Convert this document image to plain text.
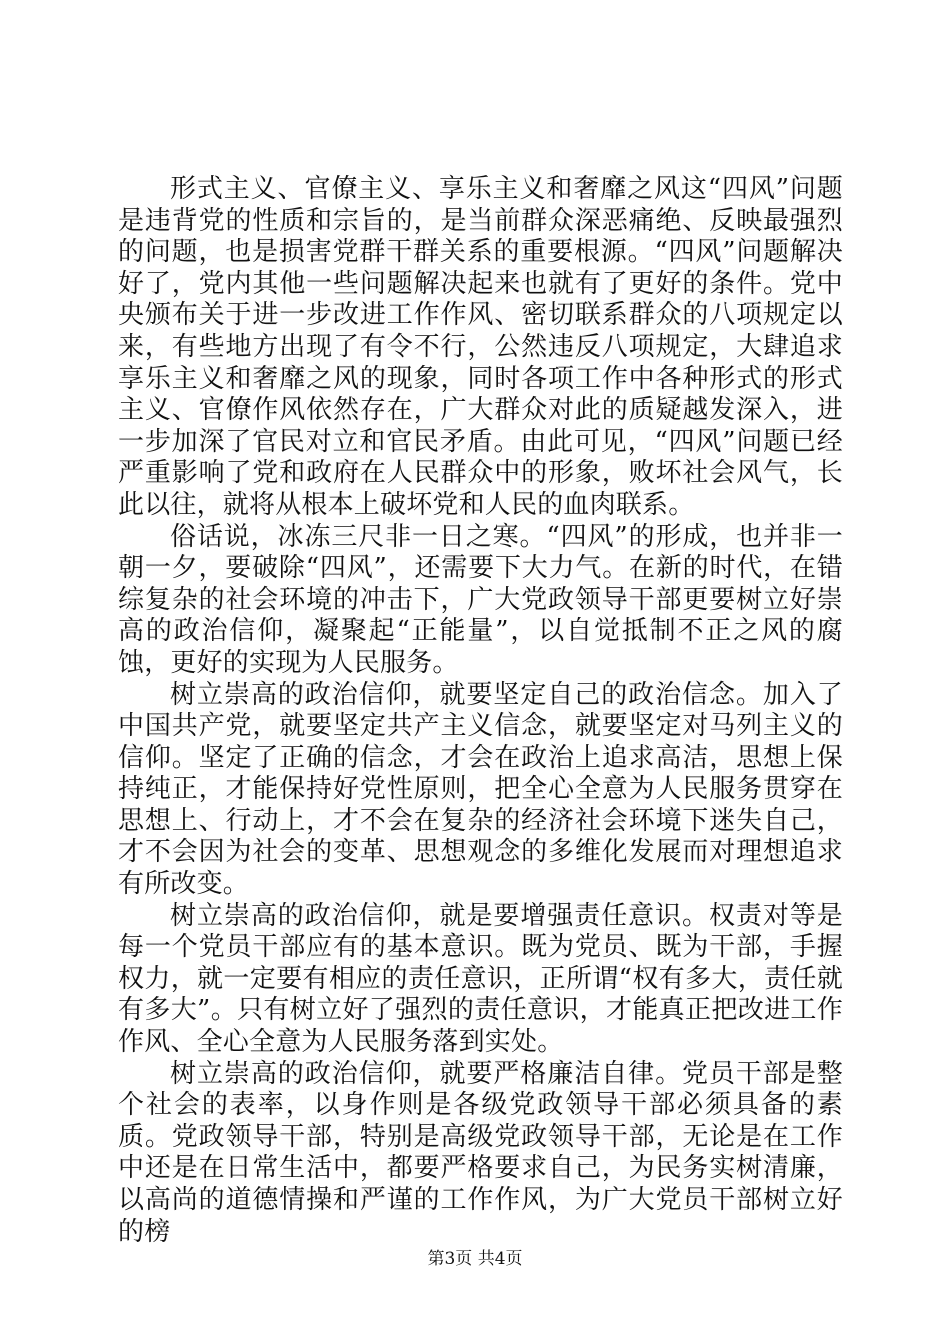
形式主义、官僚主义、享乐主义和奢靡之风这“四风”问题是违背党的性质和宗旨的，是当前群众深恶痛绝、反映最强烈的问题，也是损害党群干群关系的重要根源。“四风”问题解决好了，党内其他一些问题解决起来也就有了更好的条件。党中央颁布关于进一步改进工作作风、密切联系群众的八项规定以来，有些地方出现了有令不行，公然违反八项规定，大肆追求享乐主义和奢靡之风的现象，同时各项工作中各种形式的形式主义、官僚作风依然存在，广大群众对此的质疑越发深入，进一步加深了官民对立和官民矛盾。由此可见，“四风”问题已经严重影响了党和政府在人民群众中的形象，败坏社会风气，长此以往，就将从根本上破坏党和人民的血肉联系。

俗话说，冰冻三尺非一日之寒。“四风”的形成，也并非一朝一夕，要破除“四风”，还需要下大力气。在新的时代，在错综复杂的社会环境的冲击下，广大党政领导干部更要树立好崇高的政治信仰，凝聚起“正能量”，以自觉抵制不正之风的腐蚀，更好的实现为人民服务。

树立崇高的政治信仰，就要坚定自己的政治信念。加入了中国共产党，就要坚定共产主义信念，就要坚定对马列主义的信仰。坚定了正确的信念，才会在政治上追求高洁，思想上保持纯正，才能保持好党性原则，把全心全意为人民服务贯穿在思想上、行动上，才不会在复杂的经济社会环境下迷失自己，才不会因为社会的变革、思想观念的多维化发展而对理想追求有所改变。

树立崇高的政治信仰，就是要增强责任意识。权责对等是每一个党员干部应有的基本意识。既为党员、既为干部，手握权力，就一定要有相应的责任意识，正所谓“权有多大，责任就有多大”。只有树立好了强烈的责任意识，才能真正把改进工作作风、全心全意为人民服务落到实处。

树立崇高的政治信仰，就要严格廉洁自律。党员干部是整个社会的表率，以身作则是各级党政领导干部必须具备的素质。党政领导干部，特别是高级党政领导干部，无论是在工作中还是在日常生活中，都要严格要求自己，为民务实树清廉，以高尚的道德情操和严谨的工作作风，为广大党员干部树立好的榜

第3页 共4页
